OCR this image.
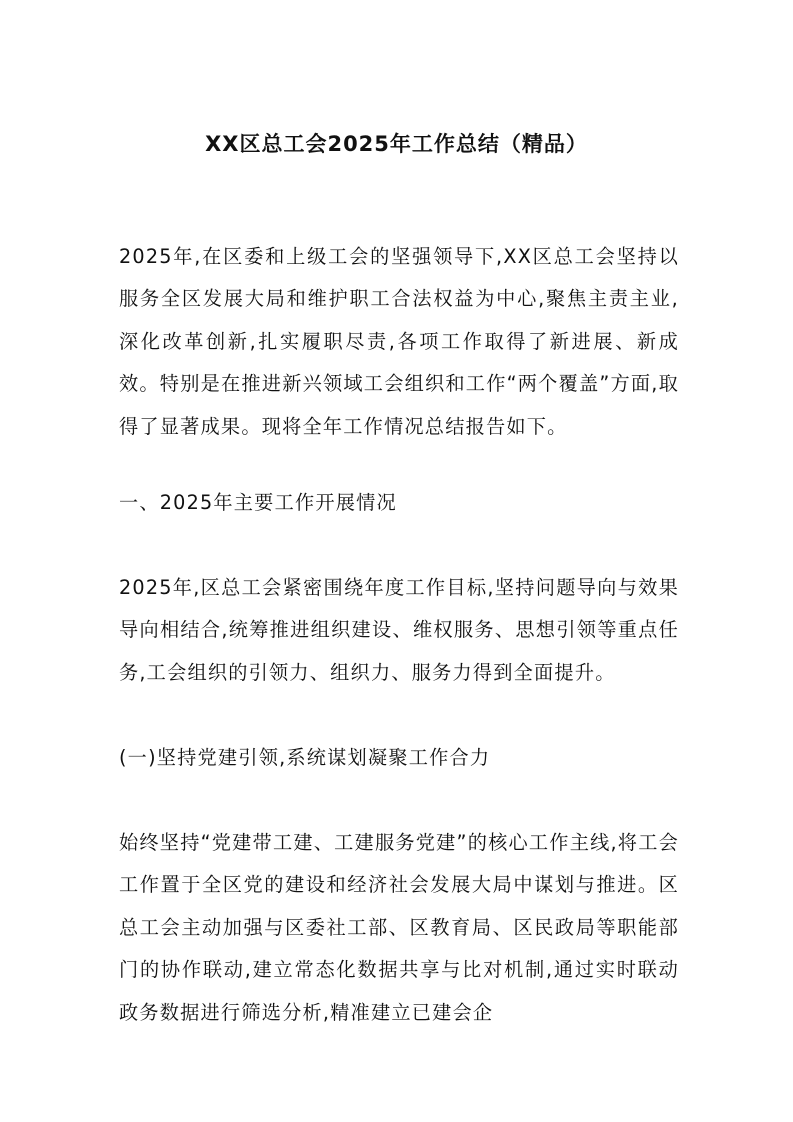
XX区总工会2025年工作总结（精品）
2025年,在区委和上级工会的坚强领导下,XX区总工会坚持以服务全区发展大局和维护职工合法权益为中心,聚焦主责主业,深化改革创新,扎实履职尽责,各项工作取得了新进展、新成效。特别是在推进新兴领域工会组织和工作“两个覆盖”方面,取得了显著成果。现将全年工作情况总结报告如下。
一、2025年主要工作开展情况
2025年,区总工会紧密围绕年度工作目标,坚持问题导向与效果导向相结合,统筹推进组织建设、维权服务、思想引领等重点任务,工会组织的引领力、组织力、服务力得到全面提升。
(一)坚持党建引领,系统谋划凝聚工作合力
始终坚持“党建带工建、工建服务党建”的核心工作主线,将工会工作置于全区党的建设和经济社会发展大局中谋划与推进。区总工会主动加强与区委社工部、区教育局、区民政局等职能部门的协作联动,建立常态化数据共享与比对机制,通过实时联动政务数据进行筛选分析,精准建立已建会企
